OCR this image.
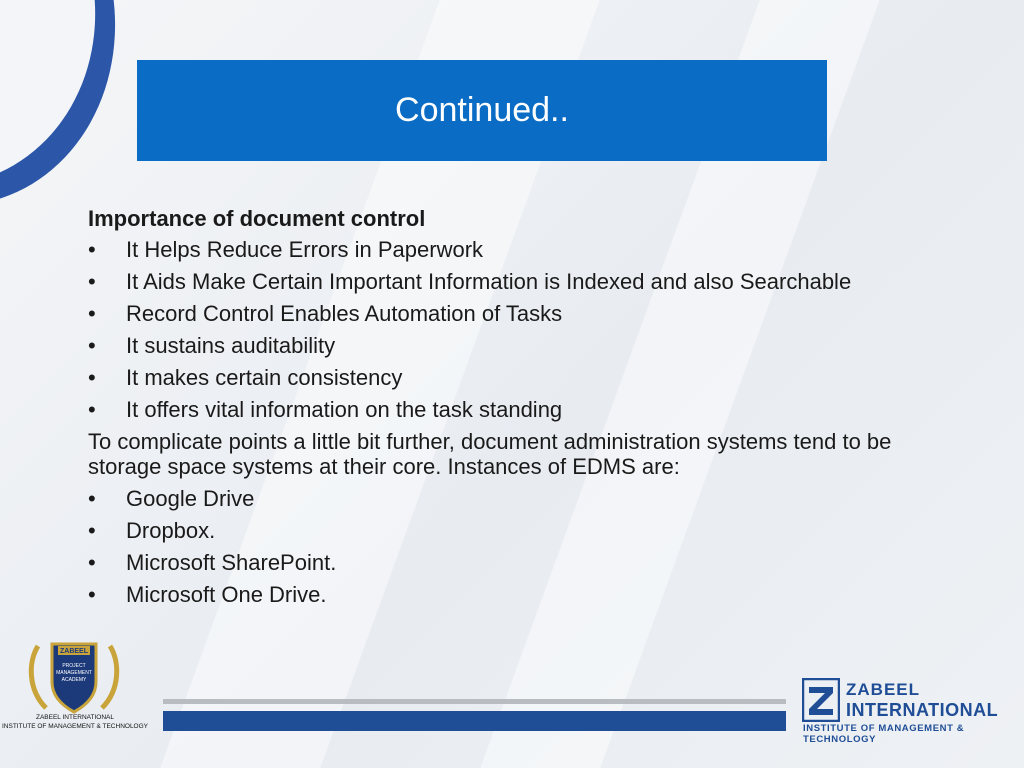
Continued..
Importance of document control
• It Helps Reduce Errors in Paperwork
• It Aids Make Certain Important Information is Indexed and also Searchable
• Record Control Enables Automation of Tasks
• It sustains auditability
• It makes certain consistency
• It offers vital information on the task standing

To complicate points a little bit further, document administration systems tend to be storage space systems at their core. Instances of EDMS are:

• Google Drive
• Dropbox.
• Microsoft SharePoint.
• Microsoft One Drive.
ZABEEL
PROJECT
MANAGEMENT
ACADEMY
ZABEEL INTERNATIONAL
INSTITUTE OF MANAGEMENT & TECHNOLOGY
ZABEEL
INTERNATIONAL
INSTITUTE OF MANAGEMENT & TECHNOLOGY
